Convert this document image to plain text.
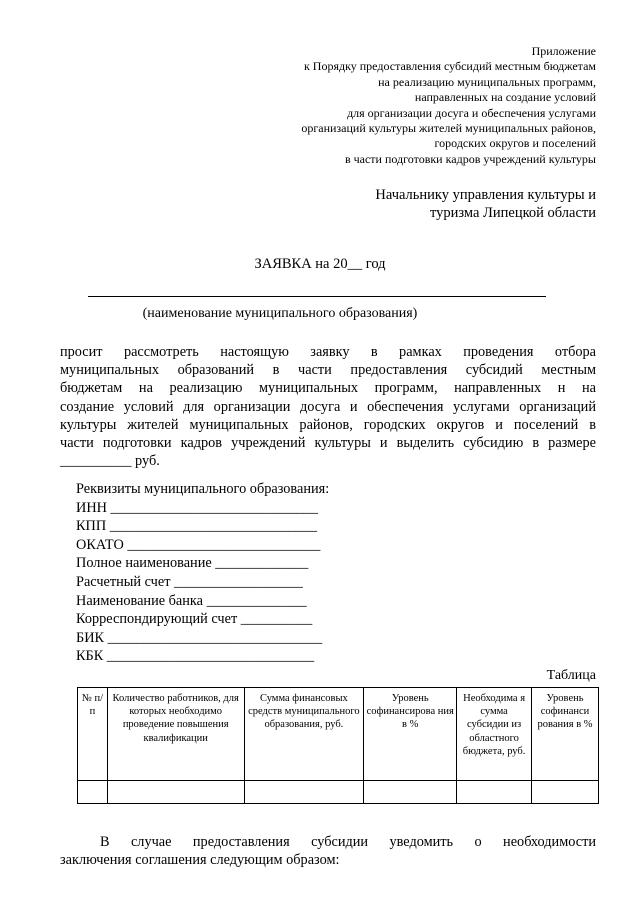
Приложение
к Порядку предоставления субсидий местным бюджетам
на реализацию муниципальных программ,
направленных на создание условий
для организации досуга и обеспечения услугами
организаций культуры жителей муниципальных районов,
городских округов и поселений
в части подготовки кадров учреждений культуры
Начальнику управления культуры и
туризма Липецкой области
ЗАЯВКА на 20__ год
(наименование муниципального образования)
просит рассмотреть настоящую заявку в рамках проведения отбора
муниципальных образований в части предоставления субсидий местным
бюджетам на реализацию муниципальных программ, направленных н на
создание условий для организации досуга и обеспечения услугами организаций
культуры жителей муниципальных районов, городских округов и поселений в
части подготовки кадров учреждений культуры и выделить субсидию в размере
__________ руб.
Реквизиты муниципального образования:
ИНН _____________________________
КПП _____________________________
ОКАТО ___________________________
Полное наименование _____________
Расчетный счет __________________
Наименование банка ______________
Корреспондирующий счет __________
БИК ______________________________
КБК _____________________________
Таблица
№ п/п	Количество работников, для которых необходимо проведение повышения квалификации	Сумма финансовых средств муниципального образования, руб.	Уровень софинансирова ния в %	Необходима я сумма субсидии из областного бюджета, руб.	Уровень софинанси рования в %

В случае предоставления субсидии уведомить о необходимости
заключения соглашения следующим образом:
